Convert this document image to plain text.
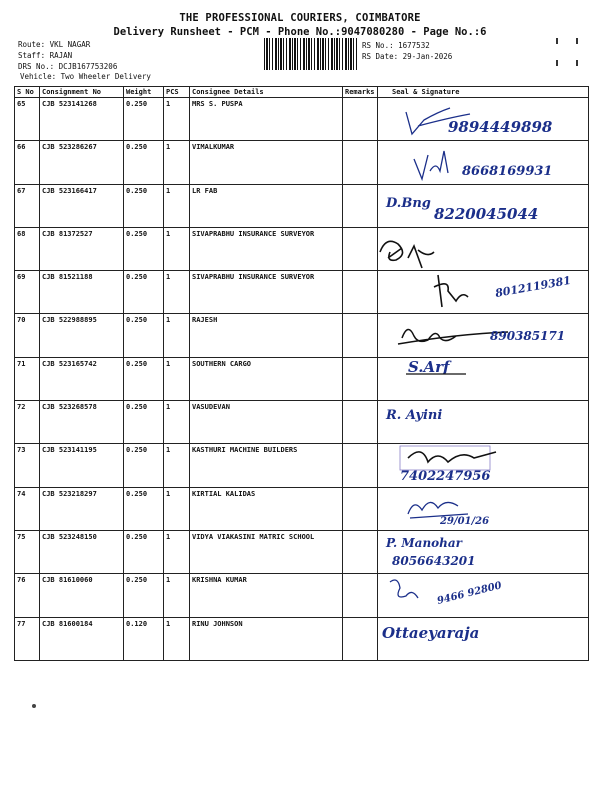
THE PROFESSIONAL COURIERS, COIMBATORE
Delivery Runsheet - PCM - Phone No.:9047080280 - Page No.:6
Route: VKL NAGAR
Staff: RAJAN
DRS No.: DCJB167753206
Vehicle: Two Wheeler Delivery
RS No.: 1677532
RS Date: 29-Jan-2026
S No	Consignment No	Weight	PCS	Consignee Details	Remarks	Seal & Signature
65	CJB 523141268	0.250	1	MRS S. PUSPA		9894449898

66	CJB 523286267	0.250	1	VIMALKUMAR		8668169931

67	CJB 523166417	0.250	1	LR FAB		D.Bng
8220045044

68	CJB 81372527	0.250	1	SIVAPRABHU INSURANCE SURVEYOR		

69	CJB 81521188	0.250	1	SIVAPRABHU INSURANCE SURVEYOR		8012119381

70	CJB 522988895	0.250	1	RAJESH		890385171

71	CJB 523165742	0.250	1	SOUTHERN CARGO		S.Arf

72	CJB 523268578	0.250	1	VASUDEVAN		R. Ayini

73	CJB 523141195	0.250	1	KASTHURI MACHINE BUILDERS		7402247956

74	CJB 523218297	0.250	1	KIRTIAL KALIDAS		29/01/26

75	CJB 523248150	0.250	1	VIDYA VIAKASINI MATRIC SCHOOL		P. Manohar
8056643201

76	CJB 81610060	0.250	1	KRISHNA KUMAR		9466 92800

77	CJB 81600184	0.120	1	RINU JOHNSON		Ottaeyaraja
